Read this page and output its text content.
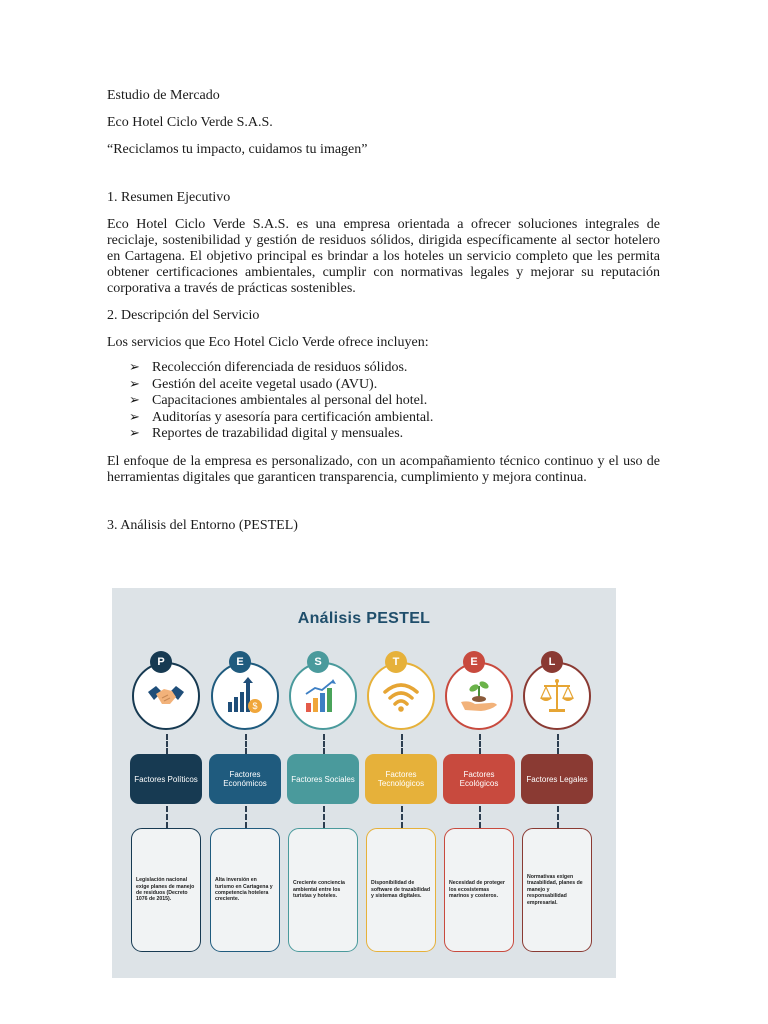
Estudio de Mercado

Eco Hotel Ciclo Verde S.A.S.

“Reciclamos tu impacto, cuidamos tu imagen”

1. Resumen Ejecutivo

Eco Hotel Ciclo Verde S.A.S. es una empresa orientada a ofrecer soluciones integrales de reciclaje, sostenibilidad y gestión de residuos sólidos, dirigida específicamente al sector hotelero en Cartagena. El objetivo principal es brindar a los hoteles un servicio completo que les permita obtener certificaciones ambientales, cumplir con normativas legales y mejorar su reputación corporativa a través de prácticas sostenibles.

2. Descripción del Servicio

Los servicios que Eco Hotel Ciclo Verde ofrece incluyen:

➢ Recolección diferenciada de residuos sólidos.
➢ Gestión del aceite vegetal usado (AVU).
➢ Capacitaciones ambientales al personal del hotel.
➢ Auditorías y asesoría para certificación ambiental.
➢ Reportes de trazabilidad digital y mensuales.

El enfoque de la empresa es personalizado, con un acompañamiento técnico continuo y el uso de herramientas digitales que garanticen transparencia, cumplimiento y mejora continua.

3. Análisis del Entorno (PESTEL)

Análisis PESTEL
P
Factores Políticos
Legislación nacional exige planes de manejo de residuos (Decreto 1076 de 2015).
$
E
Factores Económicos
Alta inversión en turismo en Cartagena y competencia hotelera creciente.
S
Factores Sociales
Creciente conciencia ambiental entre los turistas y hoteles.
T
Factores Tecnológicos
Disponibilidad de software de trazabilidad y sistemas digitales.
E
Factores Ecológicos
Necesidad de proteger los ecosistemas marinos y costeros.
L
Factores Legales
Normativas exigen trazabilidad, planes de manejo y responsabilidad empresarial.
